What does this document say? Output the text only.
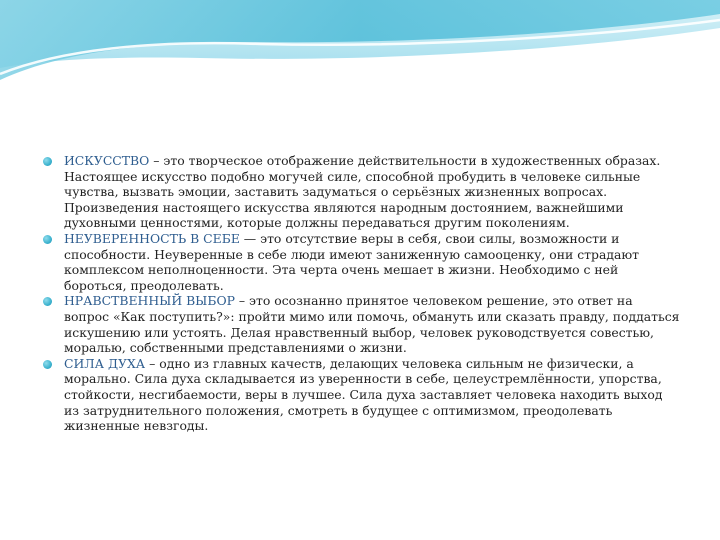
ИСКУССТВО – это творческое отображение действительности в художественных образах. Настоящее искусство подобно могучей силе, способной пробудить в человеке сильные чувства, вызвать эмоции, заставить задуматься о серьёзных жизненных вопросах. Произведения настоящего искусства являются народным достоянием, важнейшими духовными ценностями, которые должны передаваться другим поколениям.
НЕУВЕРЕННОСТЬ В СЕБЕ — это отсутствие веры в себя, свои силы, возможности и способности. Неуверенные в себе люди имеют заниженную самооценку, они страдают комплексом неполноценности. Эта черта очень мешает в жизни. Необходимо с ней бороться, преодолевать.
НРАВСТВЕННЫЙ ВЫБОР – это осознанно принятое человеком решение, это ответ на вопрос «Как поступить?»: пройти мимо или помочь, обмануть или сказать правду, поддаться искушению или устоять. Делая нравственный выбор, человек руководствуется совестью, моралью, собственными представлениями о жизни.
СИЛА ДУХА – одно из главных качеств, делающих человека сильным не физически, а морально. Сила духа складывается из уверенности в себе, целеустремлённости, упорства, стойкости, несгибаемости, веры в лучшее. Сила духа заставляет человека находить выход из затруднительного положения, смотреть в будущее с оптимизмом, преодолевать жизненные невзгоды.
